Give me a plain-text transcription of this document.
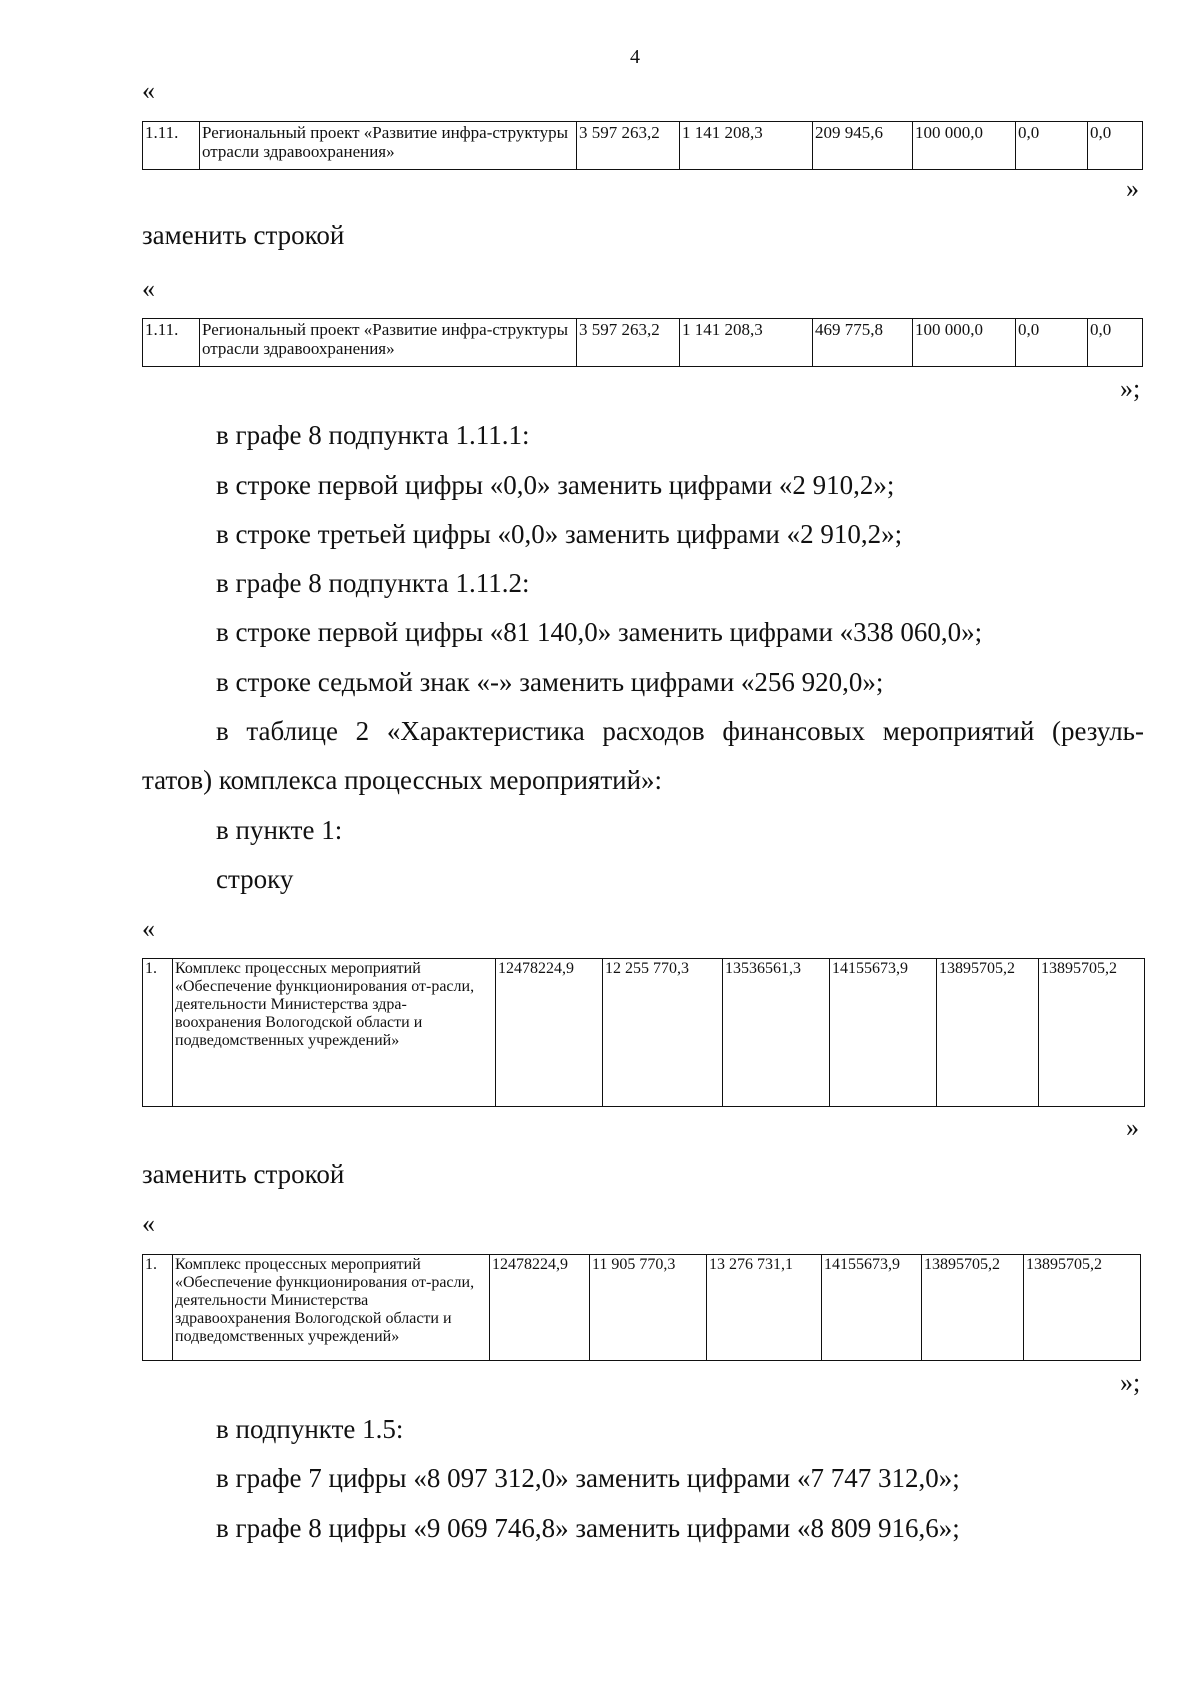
4
«
1.11.	Региональный проект «Развитие инфра-структуры отрасли здравоохранения»	3 597 263,2	1 141 208,3	209 945,6	100 000,0	0,0	0,0
»
заменить строкой
«
1.11.	Региональный проект «Развитие инфра-структуры отрасли здравоохранения»	3 597 263,2	1 141 208,3	469 775,8	100 000,0	0,0	0,0
»;
в графе 8 подпункта 1.11.1:
в строке первой цифры «0,0» заменить цифрами «2 910,2»;
в строке третьей цифры «0,0» заменить цифрами «2 910,2»;
в графе 8 подпункта 1.11.2:
в строке первой цифры «81 140,0» заменить цифрами «338 060,0»;
в строке седьмой знак «-» заменить цифрами «256 920,0»;
в таблице 2 «Характеристика расходов финансовых мероприятий (резуль-
татов) комплекса процессных мероприятий»:
в пункте 1:
строку
«
1.	Комплекс процессных мероприятий «Обеспечение функционирования от-расли, деятельности Министерства здра-воохранения Вологодской области и подведомственных учреждений»	12478224,9	12 255 770,3	13536561,3	14155673,9	13895705,2	13895705,2
»
заменить строкой
«
1.	Комплекс процессных мероприятий «Обеспечение функционирования от-расли, деятельности Министерства здравоохранения Вологодской области и подведомственных учреждений»	12478224,9	11 905 770,3	13 276 731,1	14155673,9	13895705,2	13895705,2
»;
в подпункте 1.5:
в графе 7 цифры «8 097 312,0» заменить цифрами «7 747 312,0»;
в графе 8 цифры «9 069 746,8» заменить цифрами «8 809 916,6»;
